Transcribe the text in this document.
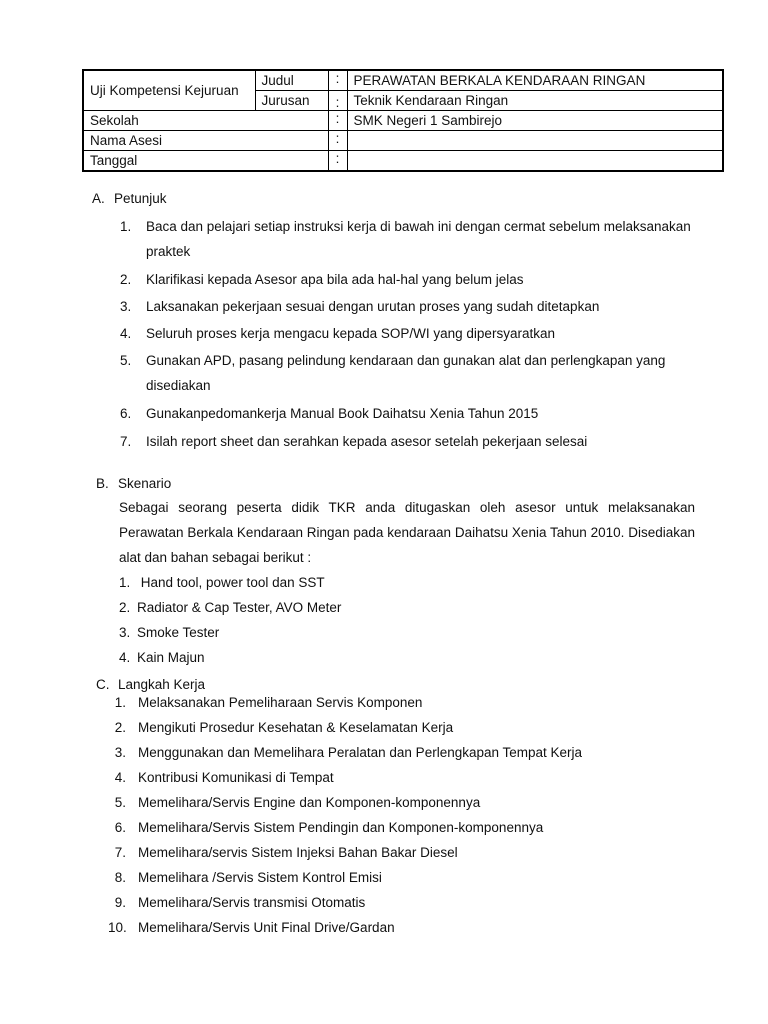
Uji Kompetensi Kejuruan	Judul	:	PERAWATAN BERKALA KENDARAAN RINGAN
	Jurusan	:	Teknik Kendaraan Ringan
Sekolah		:	SMK Negeri 1 Sambirejo
Nama Asesi		:	
Tanggal		:	
A. Petunjuk
1. Baca dan pelajari setiap instruksi kerja di bawah ini dengan cermat sebelum melaksanakan
praktek
2. Klarifikasi kepada Asesor apa bila ada hal-hal yang belum jelas
3. Laksanakan pekerjaan sesuai dengan urutan proses yang sudah ditetapkan
4. Seluruh proses kerja mengacu kepada SOP/WI yang dipersyaratkan
5. Gunakan APD, pasang pelindung kendaraan dan gunakan alat dan perlengkapan yang
disediakan
6. Gunakanpedomankerja Manual Book Daihatsu Xenia Tahun 2015
7. Isilah report sheet dan serahkan kepada asesor setelah pekerjaan selesai
B. Skenario
Sebagai seorang peserta didik TKR anda ditugaskan oleh asesor untuk melaksanakan Perawatan Berkala Kendaraan Ringan pada kendaraan Daihatsu Xenia Tahun 2010. Disediakan alat dan bahan sebagai berikut :
1. Hand tool, power tool dan SST
2. Radiator & Cap Tester, AVO Meter
3. Smoke Tester
4. Kain Majun
C. Langkah Kerja
1. Melaksanakan Pemeliharaan Servis Komponen
2. Mengikuti Prosedur Kesehatan & Keselamatan Kerja
3. Menggunakan dan Memelihara Peralatan dan Perlengkapan Tempat Kerja
4. Kontribusi Komunikasi di Tempat
5. Memelihara/Servis Engine dan Komponen-komponennya
6. Memelihara/Servis Sistem Pendingin dan Komponen-komponennya
7. Memelihara/servis Sistem Injeksi Bahan Bakar Diesel
8. Memelihara /Servis Sistem Kontrol Emisi
9. Memelihara/Servis transmisi Otomatis
10. Memelihara/Servis Unit Final Drive/Gardan
